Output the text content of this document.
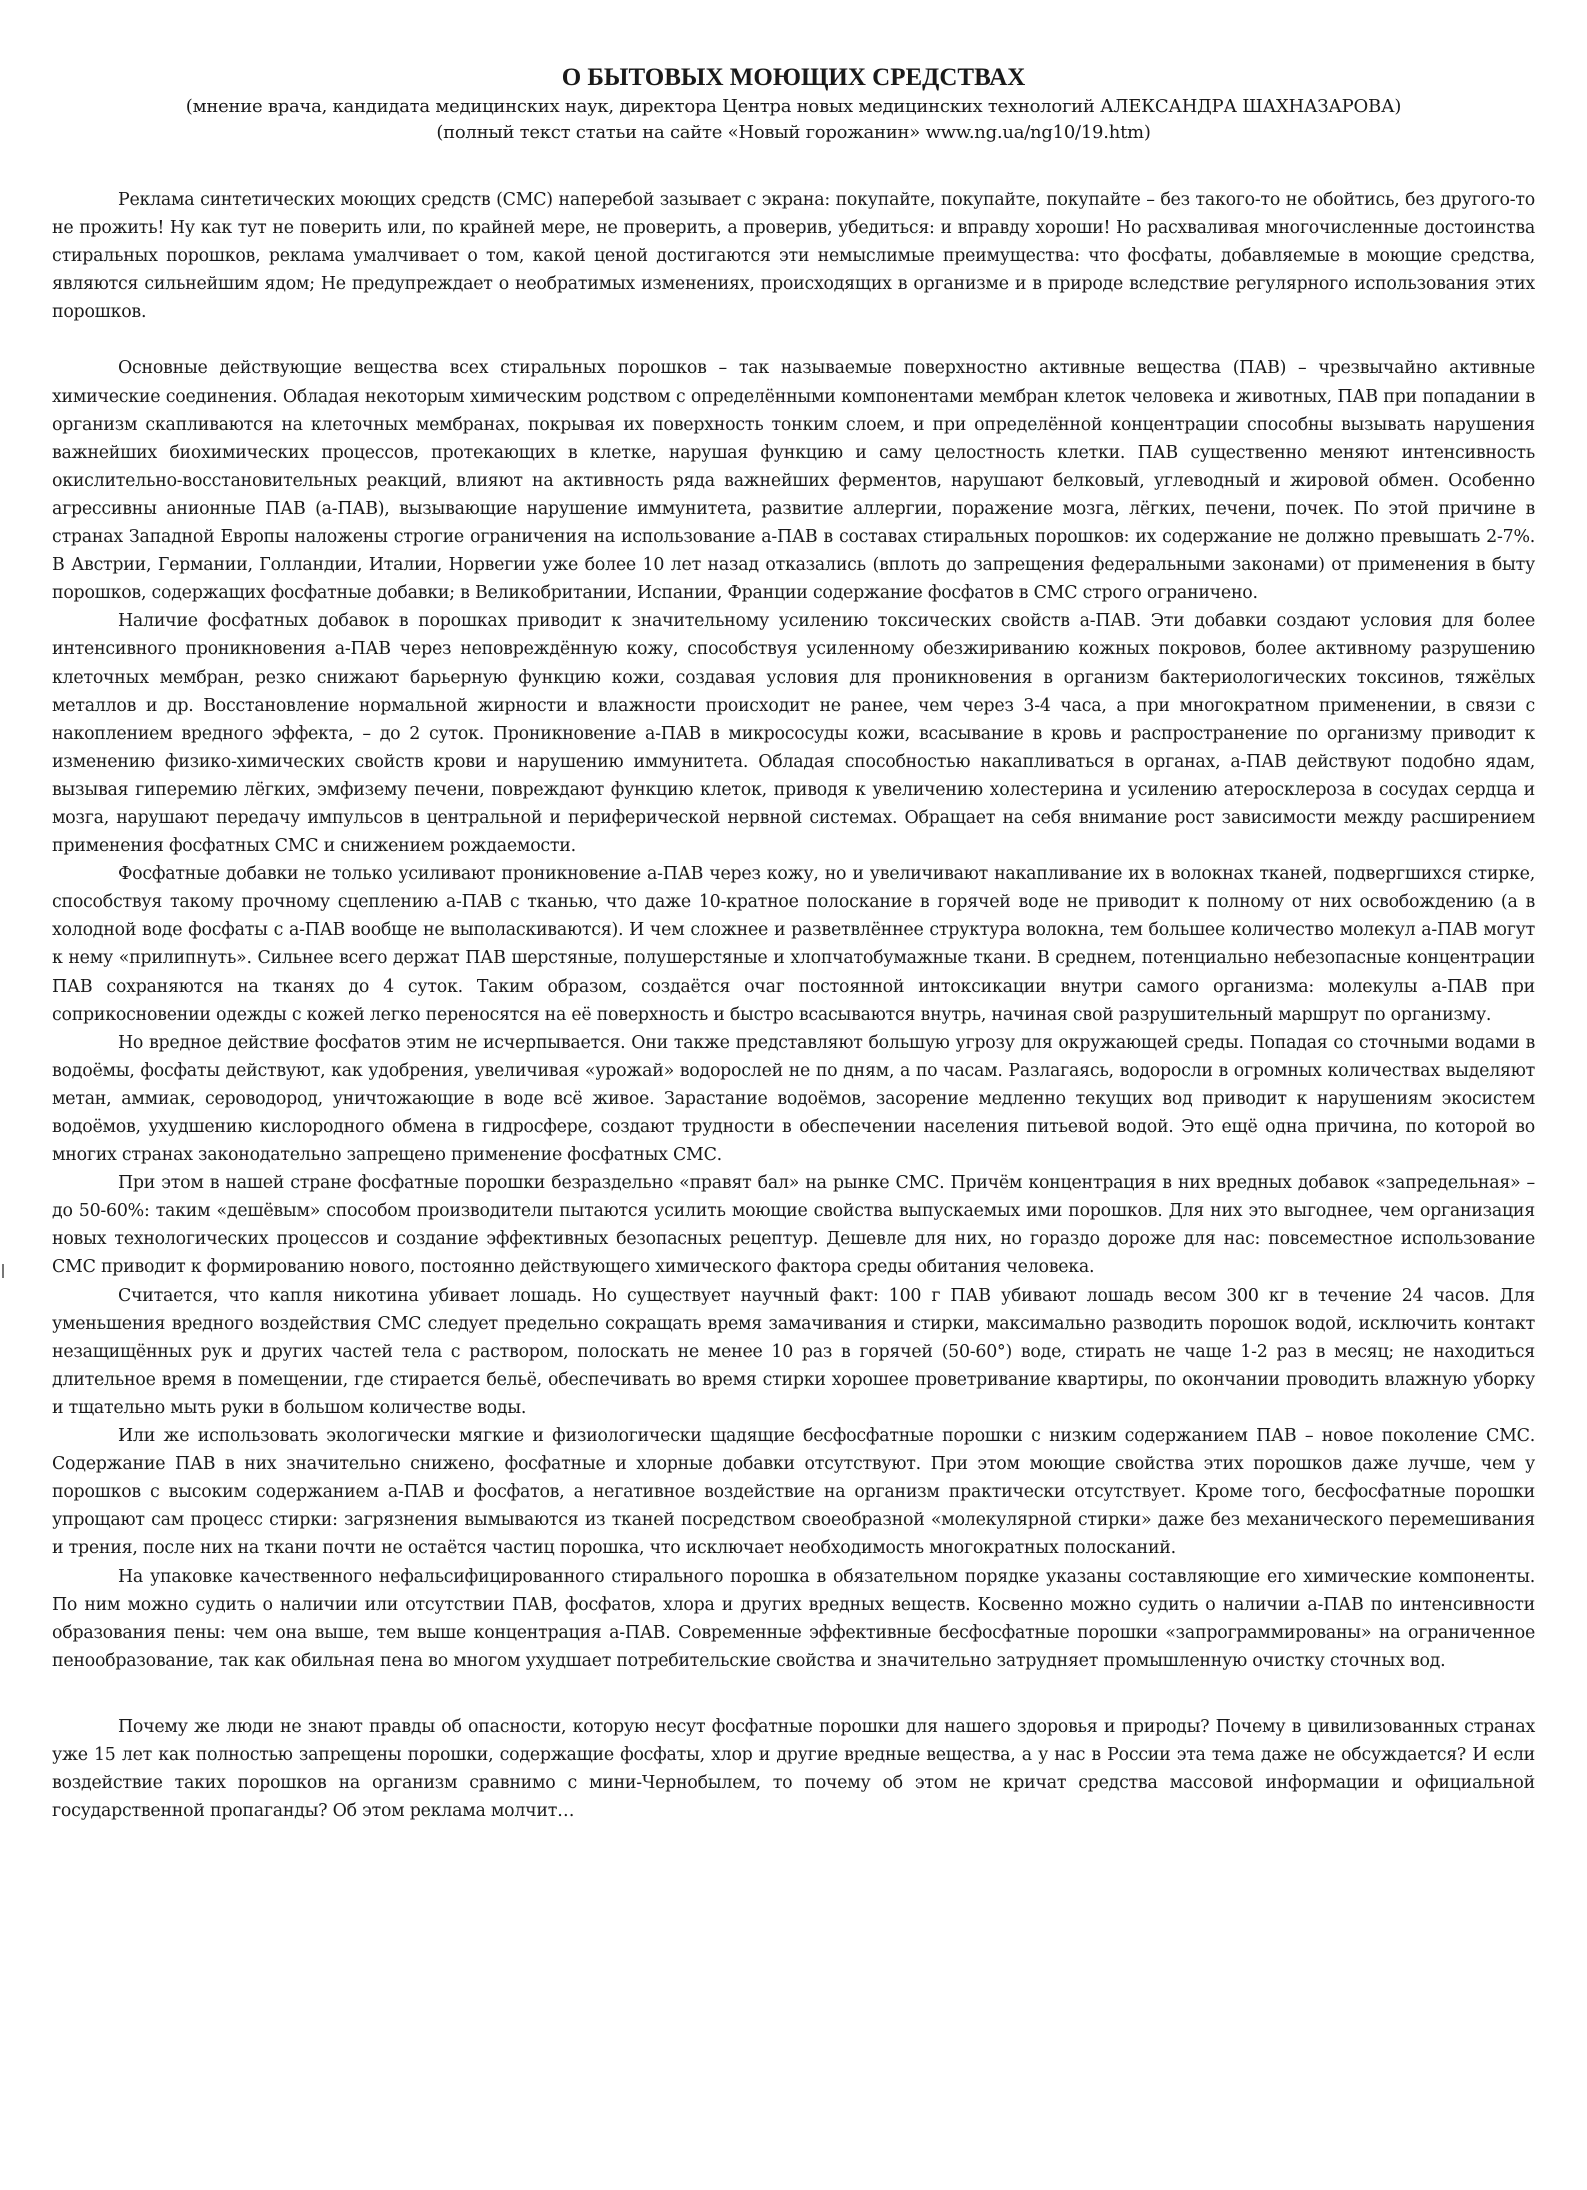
О БЫТОВЫХ МОЮЩИХ СРЕДСТВАХ

(мнение врача, кандидата медицинских наук, директора Центра новых медицинских технологий АЛЕКСАНДРА ШАХНАЗАРОВА)

(полный текст статьи на сайте «Новый горожанин» www.ng.ua/ng10/19.htm)

Реклама синтетических моющих средств (СМС) наперебой зазывает с экрана: покупайте, покупайте, покупайте – без такого-то не обойтись, без другого-то не прожить! Ну как тут не поверить или, по крайней мере, не проверить, а проверив, убедиться: и вправду хороши! Но расхваливая многочисленные достоинства стиральных порошков, реклама умалчивает о том, какой ценой достигаются эти немыслимые преимущества: что фосфаты, добавляемые в моющие средства, являются сильнейшим ядом; Не предупреждает о необратимых изменениях, происходящих в организме и в природе вследствие регулярного использования этих порошков.

Основные действующие вещества всех стиральных порошков – так называемые поверхностно активные вещества (ПАВ) – чрезвычайно активные химические соединения. Обладая некоторым химическим родством с определёнными компонентами мембран клеток человека и животных, ПАВ при попадании в организм скапливаются на клеточных мембранах, покрывая их поверхность тонким слоем, и при определённой концентрации способны вызывать нарушения важнейших биохимических процессов, протекающих в клетке, нарушая функцию и саму целостность клетки. ПАВ существенно меняют интенсивность окислительно-восстановительных реакций, влияют на активность ряда важнейших ферментов, нарушают белковый, углеводный и жировой обмен. Особенно агрессивны анионные ПАВ (а-ПАВ), вызывающие нарушение иммунитета, развитие аллергии, поражение мозга, лёгких, печени, почек. По этой причине в странах Западной Европы наложены строгие ограничения на использование а-ПАВ в составах стиральных порошков: их содержание не должно превышать 2-7%. В Австрии, Германии, Голландии, Италии, Норвегии уже более 10 лет назад отказались (вплоть до запрещения федеральными законами) от применения в быту порошков, содержащих фосфатные добавки; в Великобритании, Испании, Франции содержание фосфатов в СМС строго ограничено.

Наличие фосфатных добавок в порошках приводит к значительному усилению токсических свойств а-ПАВ. Эти добавки создают условия для более интенсивного проникновения а-ПАВ через неповреждённую кожу, способствуя усиленному обезжириванию кожных покровов, более активному разрушению клеточных мембран, резко снижают барьерную функцию кожи, создавая условия для проникновения в организм бактериологических токсинов, тяжёлых металлов и др. Восстановление нормальной жирности и влажности происходит не ранее, чем через 3-4 часа, а при многократном применении, в связи с накоплением вредного эффекта, – до 2 суток. Проникновение а-ПАВ в микрососуды кожи, всасывание в кровь и распространение по организму приводит к изменению физико-химических свойств крови и нарушению иммунитета. Обладая способностью накапливаться в органах, а-ПАВ действуют подобно ядам, вызывая гиперемию лёгких, эмфизему печени, повреждают функцию клеток, приводя к увеличению холестерина и усилению атеросклероза в сосудах сердца и мозга, нарушают передачу импульсов в центральной и периферической нервной системах. Обращает на себя внимание рост зависимости между расширением применения фосфатных СМС и снижением рождаемости.

Фосфатные добавки не только усиливают проникновение а-ПАВ через кожу, но и увеличивают накапливание их в волокнах тканей, подвергшихся стирке, способствуя такому прочному сцеплению а-ПАВ с тканью, что даже 10-кратное полоскание в горячей воде не приводит к полному от них освобождению (а в холодной воде фосфаты с а-ПАВ вообще не выполаскиваются). И чем сложнее и разветвлённее структура волокна, тем большее количество молекул а-ПАВ могут к нему «прилипнуть». Сильнее всего держат ПАВ шерстяные, полушерстяные и хлопчатобумажные ткани. В среднем, потенциально небезопасные концентрации ПАВ сохраняются на тканях до 4 суток. Таким образом, создаётся очаг постоянной интоксикации внутри самого организма: молекулы а-ПАВ при соприкосновении одежды с кожей легко переносятся на её поверхность и быстро всасываются внутрь, начиная свой разрушительный маршрут по организму.

Но вредное действие фосфатов этим не исчерпывается. Они также представляют большую угрозу для окружающей среды. Попадая со сточными водами в водоёмы, фосфаты действуют, как удобрения, увеличивая «урожай» водорослей не по дням, а по часам. Разлагаясь, водоросли в огромных количествах выделяют метан, аммиак, сероводород, уничтожающие в воде всё живое. Зарастание водоёмов, засорение медленно текущих вод приводит к нарушениям экосистем водоёмов, ухудшению кислородного обмена в гидросфере, создают трудности в обеспечении населения питьевой водой. Это ещё одна причина, по которой во многих странах законодательно запрещено применение фосфатных СМС.

При этом в нашей стране фосфатные порошки безраздельно «правят бал» на рынке СМС. Причём концентрация в них вредных добавок «запредельная» – до 50-60%: таким «дешёвым» способом производители пытаются усилить моющие свойства выпускаемых ими порошков. Для них это выгоднее, чем организация новых технологических процессов и создание эффективных безопасных рецептур. Дешевле для них, но гораздо дороже для нас: повсеместное использование СМС приводит к формированию нового, постоянно действующего химического фактора среды обитания человека.

Считается, что капля никотина убивает лошадь. Но существует научный факт: 100 г ПАВ убивают лошадь весом 300 кг в течение 24 часов. Для уменьшения вредного воздействия СМС следует предельно сокращать время замачивания и стирки, максимально разводить порошок водой, исключить контакт незащищённых рук и других частей тела с раствором, полоскать не менее 10 раз в горячей (50-60°) воде, стирать не чаще 1-2 раз в месяц; не находиться длительное время в помещении, где стирается бельё, обеспечивать во время стирки хорошее проветривание квартиры, по окончании проводить влажную уборку и тщательно мыть руки в большом количестве воды.

Или же использовать экологически мягкие и физиологически щадящие бесфосфатные порошки с низким содержанием ПАВ – новое поколение СМС. Содержание ПАВ в них значительно снижено, фосфатные и хлорные добавки отсутствуют. При этом моющие свойства этих порошков даже лучше, чем у порошков с высоким содержанием а-ПАВ и фосфатов, а негативное воздействие на организм практически отсутствует. Кроме того, бесфосфатные порошки упрощают сам процесс стирки: загрязнения вымываются из тканей посредством своеобразной «молекулярной стирки» даже без механического перемешивания и трения, после них на ткани почти не остаётся частиц порошка, что исключает необходимость многократных полосканий.

На упаковке качественного нефальсифицированного стирального порошка в обязательном порядке указаны составляющие его химические компоненты. По ним можно судить о наличии или отсутствии ПАВ, фосфатов, хлора и других вредных веществ. Косвенно можно судить о наличии а-ПАВ по интенсивности образования пены: чем она выше, тем выше концентрация а-ПАВ. Современные эффективные бесфосфатные порошки «запрограммированы» на ограниченное пенообразование, так как обильная пена во многом ухудшает потребительские свойства и значительно затрудняет промышленную очистку сточных вод.

Почему же люди не знают правды об опасности, которую несут фосфатные порошки для нашего здоровья и природы? Почему в цивилизованных странах уже 15 лет как полностью запрещены порошки, содержащие фосфаты, хлор и другие вредные вещества, а у нас в России эта тема даже не обсуждается? И если воздействие таких порошков на организм сравнимо с мини-Чернобылем, то почему об этом не кричат средства массовой информации и официальной государственной пропаганды? Об этом реклама молчит…
